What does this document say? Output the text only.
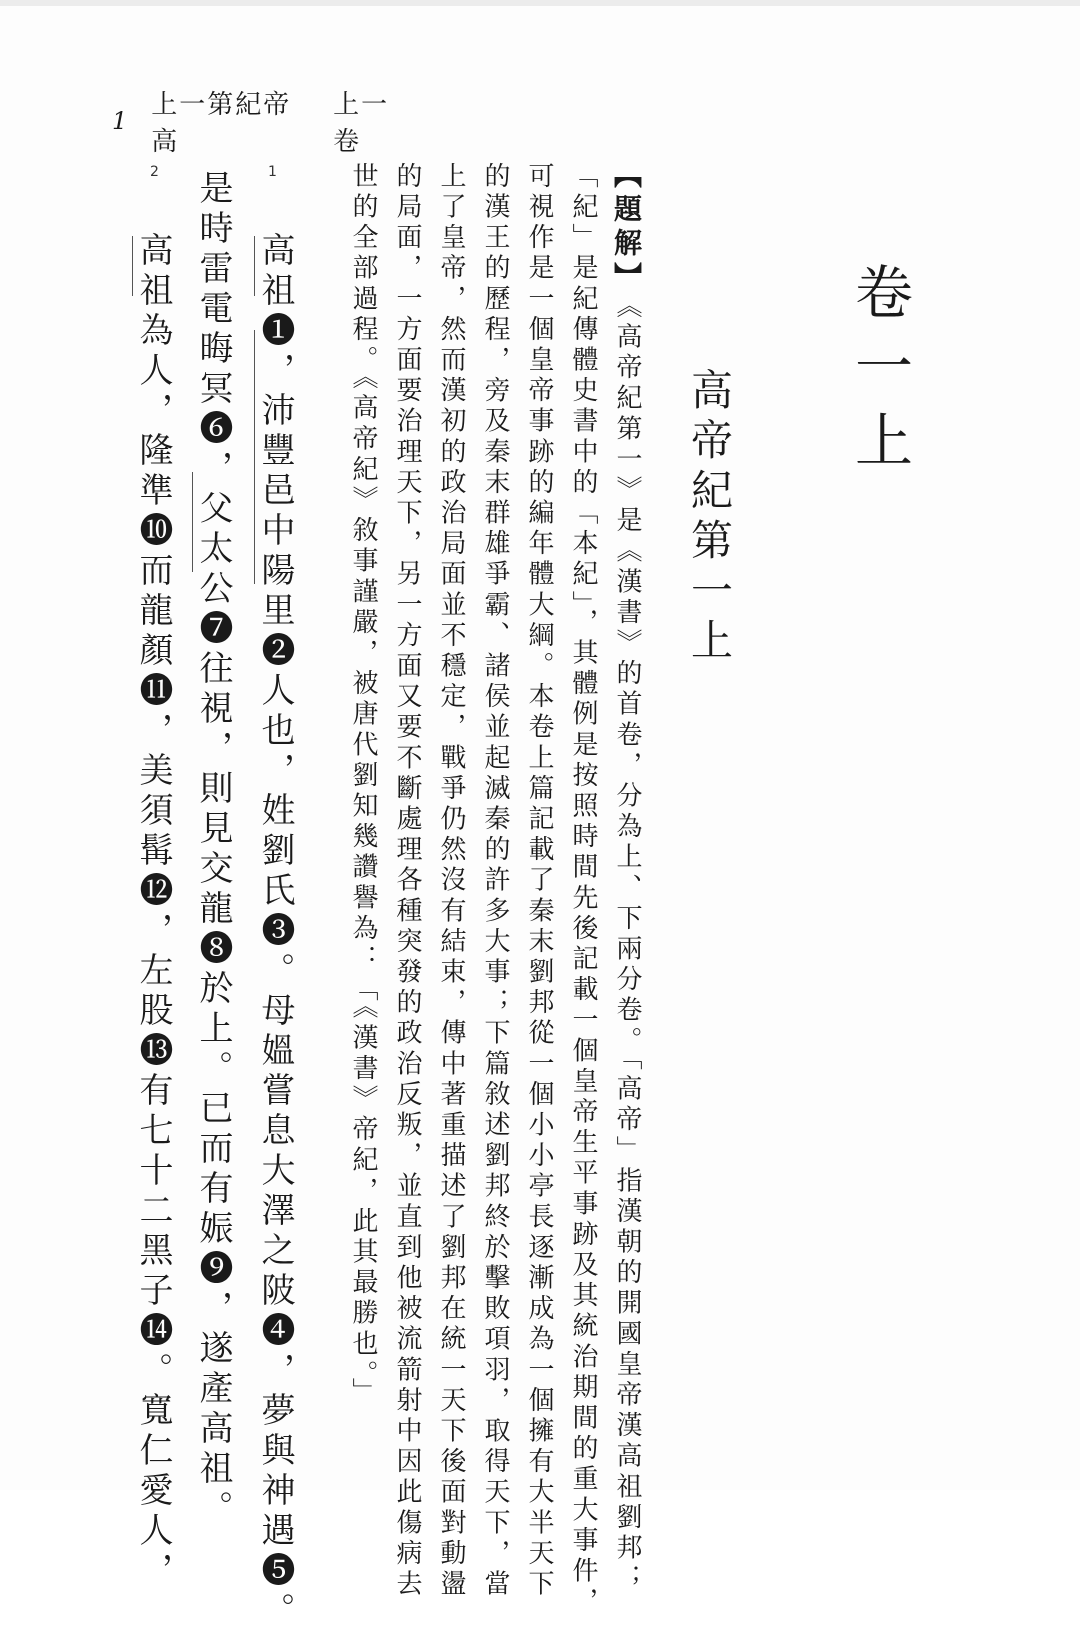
1
上一第紀帝高
上一卷
卷一上
高帝紀第一上
【題解】
《高帝紀第一》是《漢書》的首卷，分為上、下兩分卷。「高帝」指漢朝的開國皇帝漢高祖劉邦；
「紀」是紀傳體史書中的「本紀」，其體例是按照時間先後記載一個皇帝生平事跡及其統治期間的重大事件，
可視作是一個皇帝事跡的編年體大綱。本卷上篇記載了秦末劉邦從一個小小亭長逐漸成為一個擁有大半天下
的漢王的歷程，旁及秦末群雄爭霸、諸侯並起滅秦的許多大事；下篇敘述劉邦終於擊敗項羽，取得天下，當
上了皇帝，然而漢初的政治局面並不穩定，戰爭仍然沒有結束，傳中著重描述了劉邦在統一天下後面對動盪
的局面，一方面要治理天下，另一方面又要不斷處理各種突發的政治反叛，並直到他被流箭射中因此傷病去
世的全部過程。《高帝紀》敘事謹嚴，被唐代劉知幾讚譽為：「《漢書》帝紀，此其最勝也。」
1
高祖❶，沛豐邑中陽里❷人也，姓劉氏❸。母媼嘗息大澤之陂❹，夢與神遇❺。
是時雷電晦冥❻，父太公❼往視，則見交龍❽於上。已而有娠❾，遂產高祖。
2
高祖為人，隆準❿而龍顏⓫，美須髯⓬，左股⓭有七十二黑子⓮。寬仁愛人，
